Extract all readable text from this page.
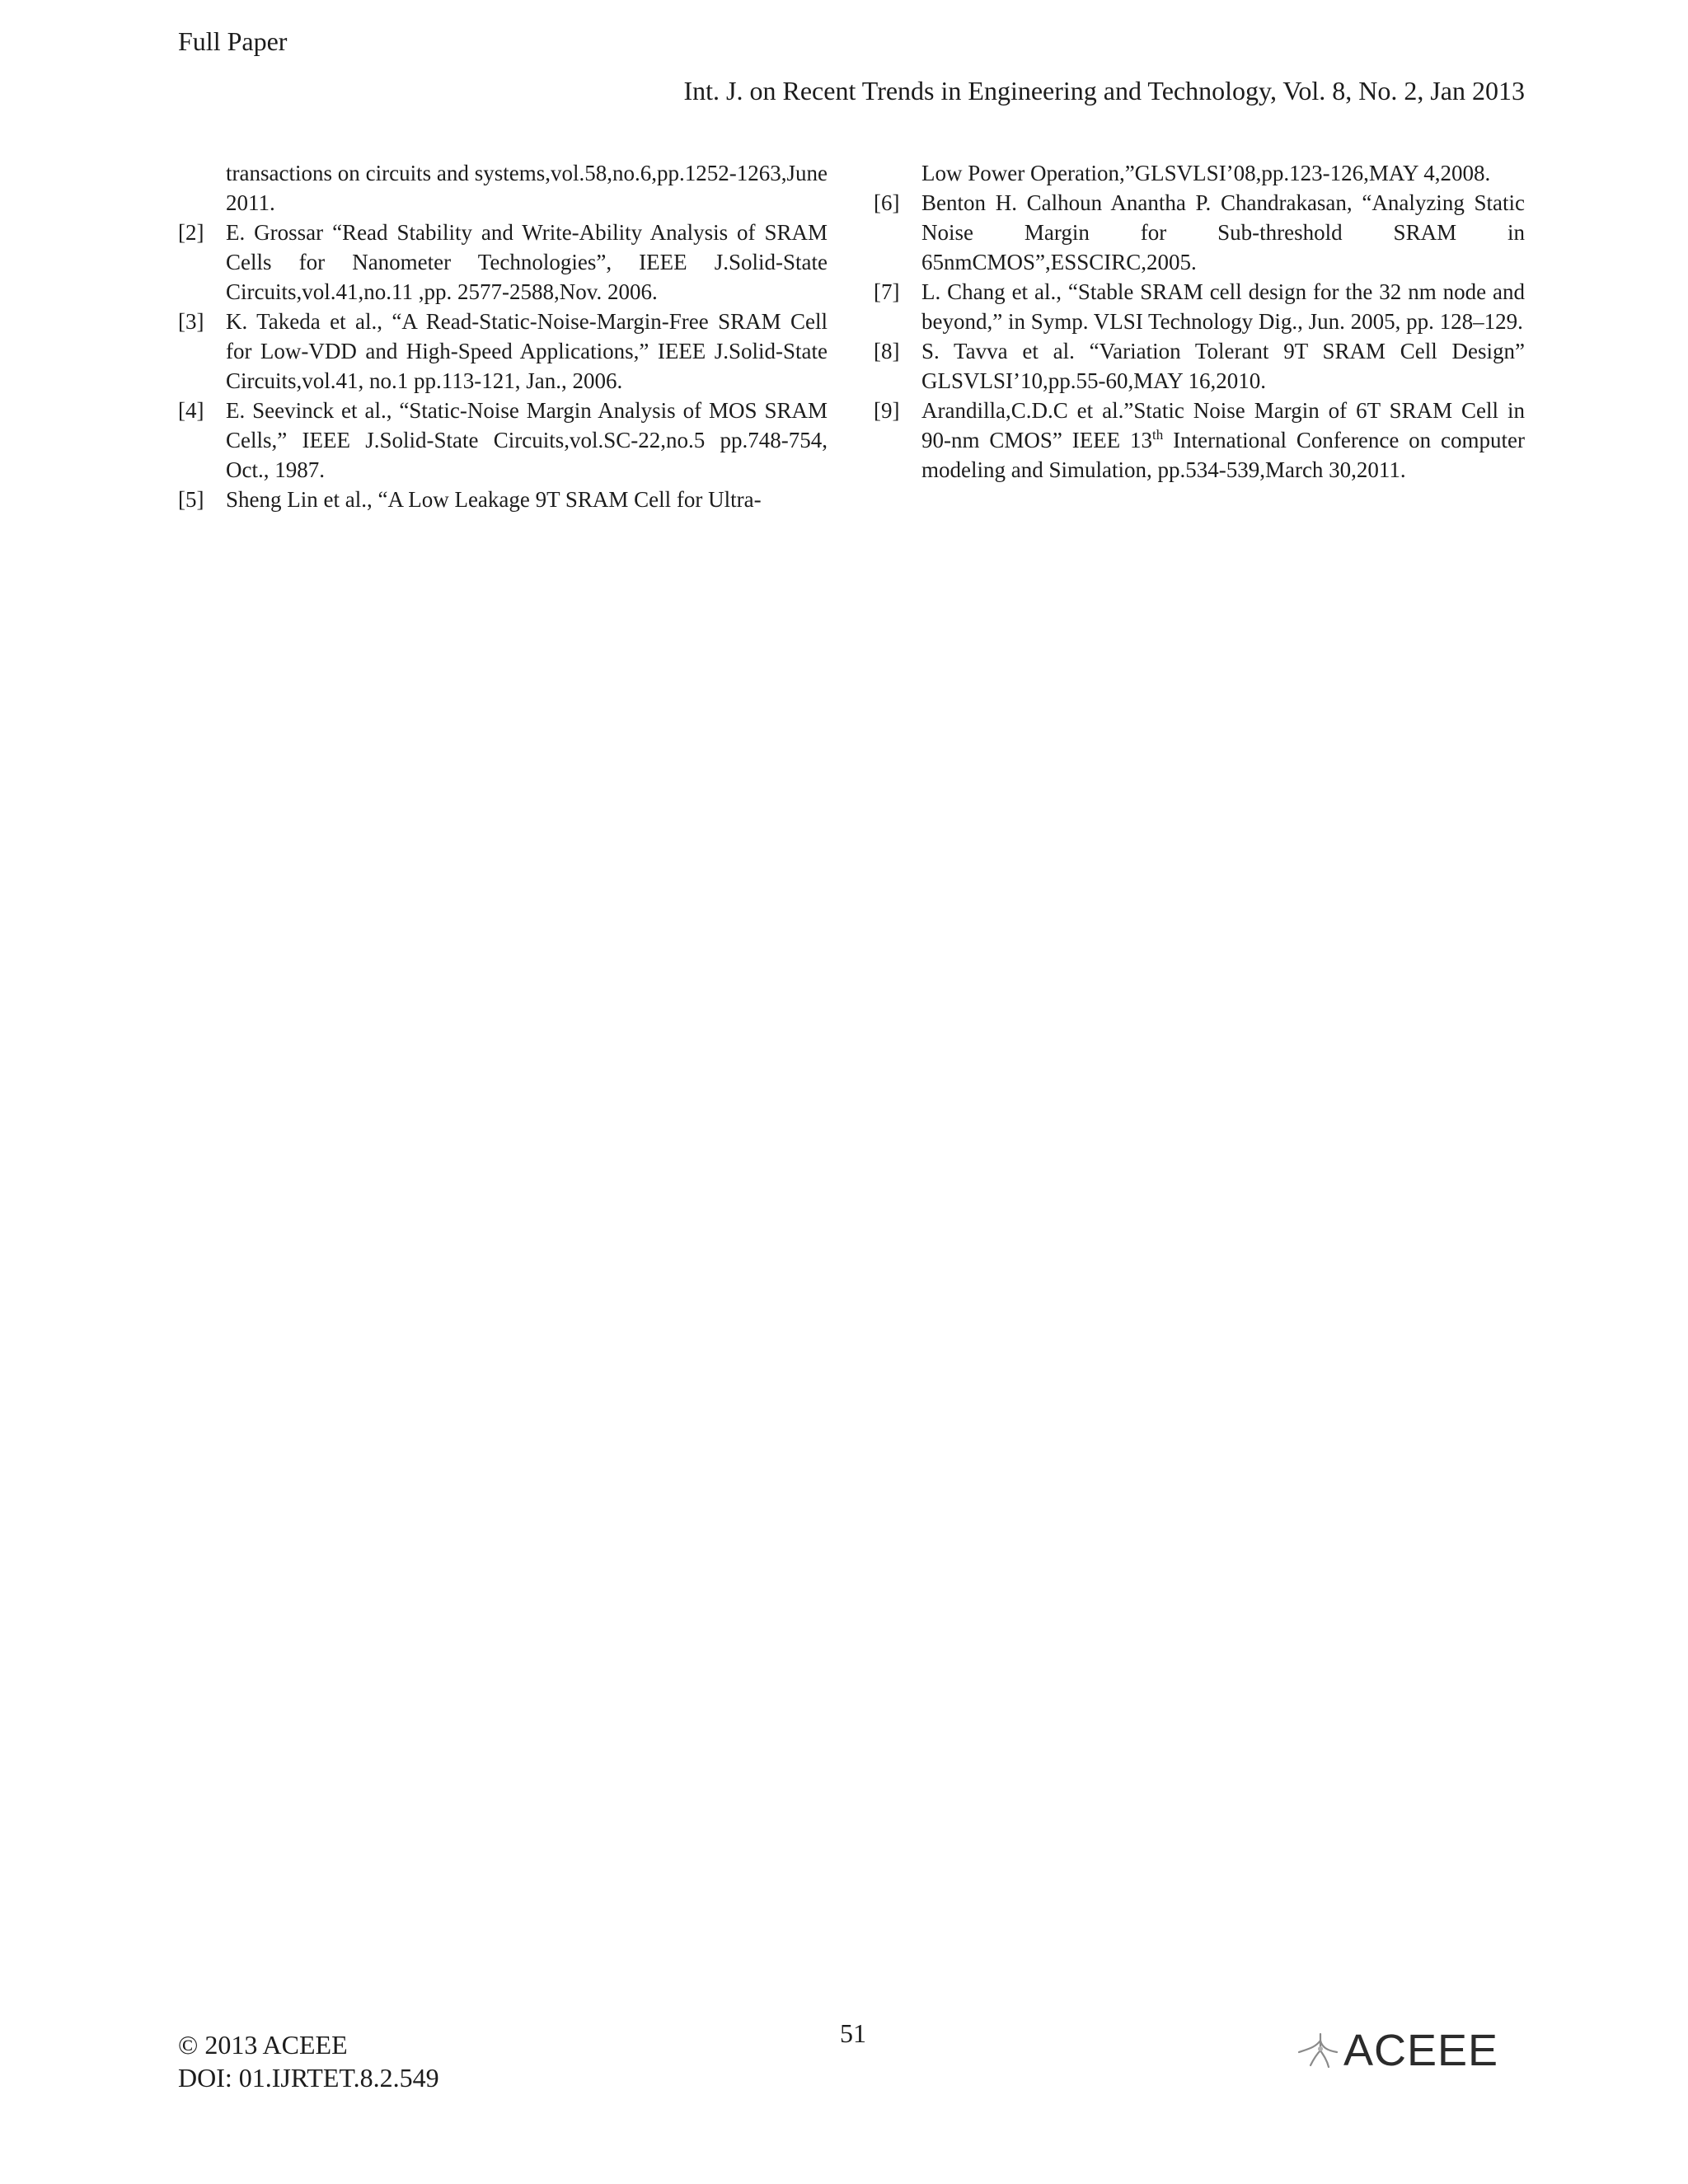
Full Paper
Int. J. on Recent Trends in Engineering and Technology, Vol. 8, No. 2, Jan 2013
transactions on circuits and systems,vol.58,no.6,pp.1252-1263,June 2011.
[2] E. Grossar “Read Stability and Write-Ability Analysis of SRAM Cells for Nanometer Technologies”, IEEE J.Solid-State Circuits,vol.41,no.11 ,pp. 2577-2588,Nov. 2006.
[3] K. Takeda et al., “A Read-Static-Noise-Margin-Free SRAM Cell for Low-VDD and High-Speed Applications,” IEEE J.Solid-State Circuits,vol.41, no.1 pp.113-121, Jan., 2006.
[4] E. Seevinck et al., “Static-Noise Margin Analysis of MOS SRAM Cells,” IEEE J.Solid-State Circuits,vol.SC-22,no.5 pp.748-754, Oct., 1987.
[5] Sheng Lin et al., “A Low Leakage 9T SRAM Cell for Ultra-
Low Power Operation,”GLSVLSI’08,pp.123-126,MAY 4,2008.
[6] Benton H. Calhoun Anantha P. Chandrakasan, “Analyzing Static Noise Margin for Sub-threshold SRAM in 65nmCMOS”,ESSCIRC,2005.
[7] L. Chang et al., “Stable SRAM cell design for the 32 nm node and beyond,” in Symp. VLSI Technology Dig., Jun. 2005, pp. 128–129.
[8] S. Tavva et al. “Variation Tolerant 9T SRAM Cell Design” GLSVLSI’10,pp.55-60,MAY 16,2010.
[9] Arandilla,C.D.C et al.”Static Noise Margin of 6T SRAM Cell in 90-nm CMOS” IEEE 13th International Conference on computer modeling and Simulation, pp.534-539,March 30,2011.
51
© 2013 ACEEE
DOI: 01.IJRTET.8.2.549
ACEEE
